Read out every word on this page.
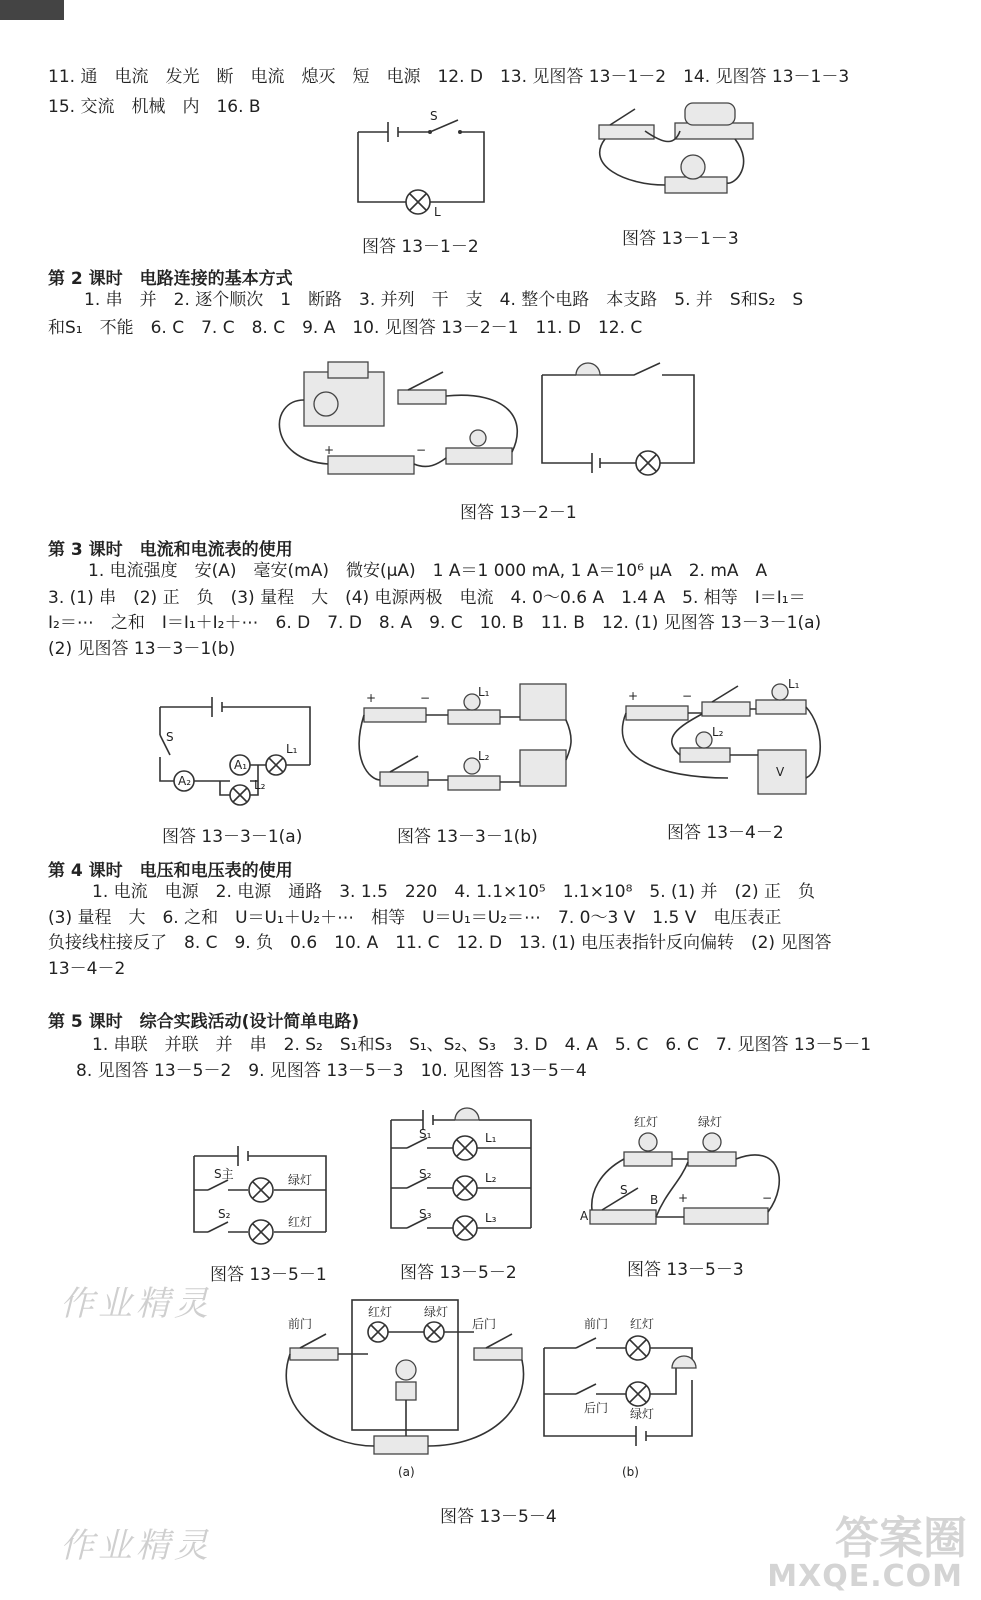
11. 通　电流　发光　断　电流　熄灭　短　电源　12. D　13. 见图答 13－1－2　14. 见图答 13－1－3
15. 交流　机械　内　16. B	S
L
图答 13－1－2	图答 13－1－3
第 2 课时　电路连接的基本方式
1. 串　并　2. 逐个顺次　1　断路　3. 并列　干　支　4. 整个电路　本支路　5. 并　S和S₂　S
和S₁　不能　6. C　7. C　8. C　9. A　10. 见图答 13－2－1　11. D　12. C
+	−
图答 13－2－1
第 3 课时　电流和电流表的使用
1. 电流强度　安(A)　毫安(mA)　微安(μA)　1 A＝1 000 mA, 1 A＝10⁶ μA　2. mA　A
3. (1) 串　(2) 正　负　(3) 量程　大　(4) 电源两极　电流　4. 0～0.6 A　1.4 A　5. 相等　I＝I₁＝
I₂＝⋯　之和　I＝I₁＋I₂＋⋯　6. D　7. D　8. A　9. C　10. B　11. B　12. (1) 见图答 13－3－1(a)
(2) 见图答 13－3－1(b)
S
A₂
A₁
L₁
L₂
图答 13－3－1(a)
+	−	L₁
L₂
图答 13－3－1(b)
+	−
L₁
L₂
V
图答 13－4－2
第 4 课时　电压和电压表的使用
1. 电流　电源　2. 电源　通路　3. 1.5　220　4. 1.1×10⁵　1.1×10⁸　5. (1) 并　(2) 正　负
(3) 量程　大　6. 之和　U＝U₁＋U₂＋⋯　相等　U＝U₁＝U₂＝⋯　7. 0～3 V　1.5 V　电压表正
负接线柱接反了　8. C　9. 负　0.6　10. A　11. C　12. D　13. (1) 电压表指针反向偏转　(2) 见图答
13－4－2
第 5 课时　综合实践活动(设计简单电路)
1. 串联　并联　并　串　2. S₂　S₁和S₃　S₁、S₂、S₃　3. D　4. A　5. C　6. C　7. 见图答 13－5－1
8. 见图答 13－5－2　9. 见图答 13－5－3　10. 见图答 13－5－4
S主
S₂
绿灯
红灯
图答 13－5－1
S₁
S₂
S₃
L₁
L₂
L₃
图答 13－5－2
红灯	绿灯
A
B
S
+	−
图答 13－5－3
红灯	绿灯
前门	后门
(a)
前门 红灯
后门 绿灯
(b)
图答 13－5－4
作业精灵
作业精灵	答案圈
MXQE.COM
